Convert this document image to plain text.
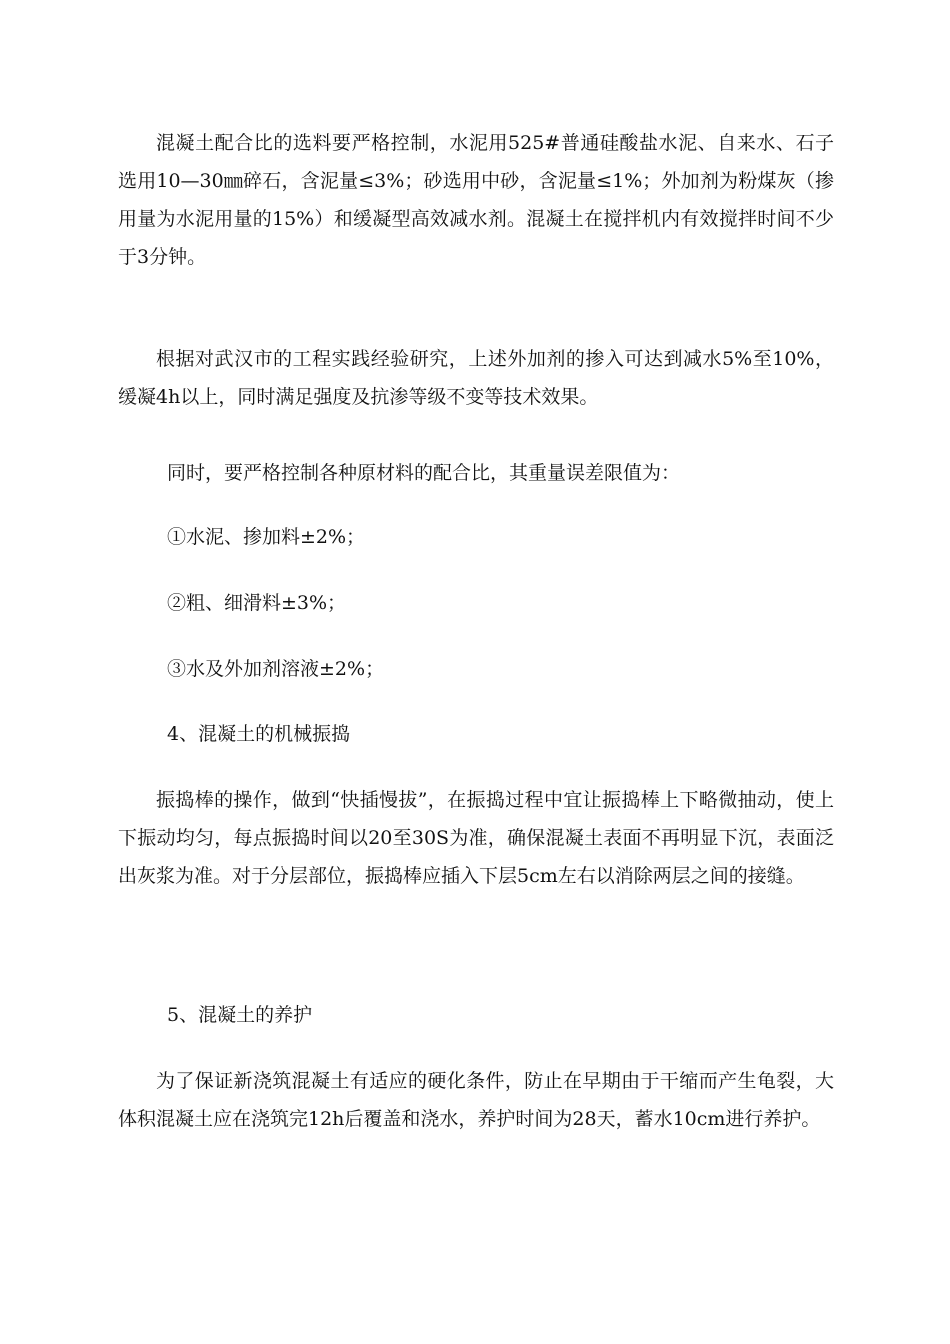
混凝土配合比的选料要严格控制，水泥用525#普通硅酸盐水泥、自来水、石子选用10—30㎜碎石，含泥量≤3%；砂选用中砂，含泥量≤1%；外加剂为粉煤灰（掺用量为水泥用量的15%）和缓凝型高效减水剂。混凝土在搅拌机内有效搅拌时间不少于3分钟。

根据对武汉市的工程实践经验研究，上述外加剂的掺入可达到减水5%至10%，缓凝4h以上，同时满足强度及抗渗等级不变等技术效果。

同时，要严格控制各种原材料的配合比，其重量误差限值为：

①水泥、掺加料±2%；

②粗、细滑料±3%；

③水及外加剂溶液±2%；

4、混凝土的机械振捣

振捣棒的操作，做到“快插慢拔”，在振捣过程中宜让振捣棒上下略微抽动，使上下振动均匀，每点振捣时间以20至30S为准，确保混凝土表面不再明显下沉，表面泛出灰浆为准。对于分层部位，振捣棒应插入下层5cm左右以消除两层之间的接缝。

5、混凝土的养护

为了保证新浇筑混凝土有适应的硬化条件，防止在早期由于干缩而产生龟裂，大体积混凝土应在浇筑完12h后覆盖和浇水，养护时间为28天，蓄水10cm进行养护。
